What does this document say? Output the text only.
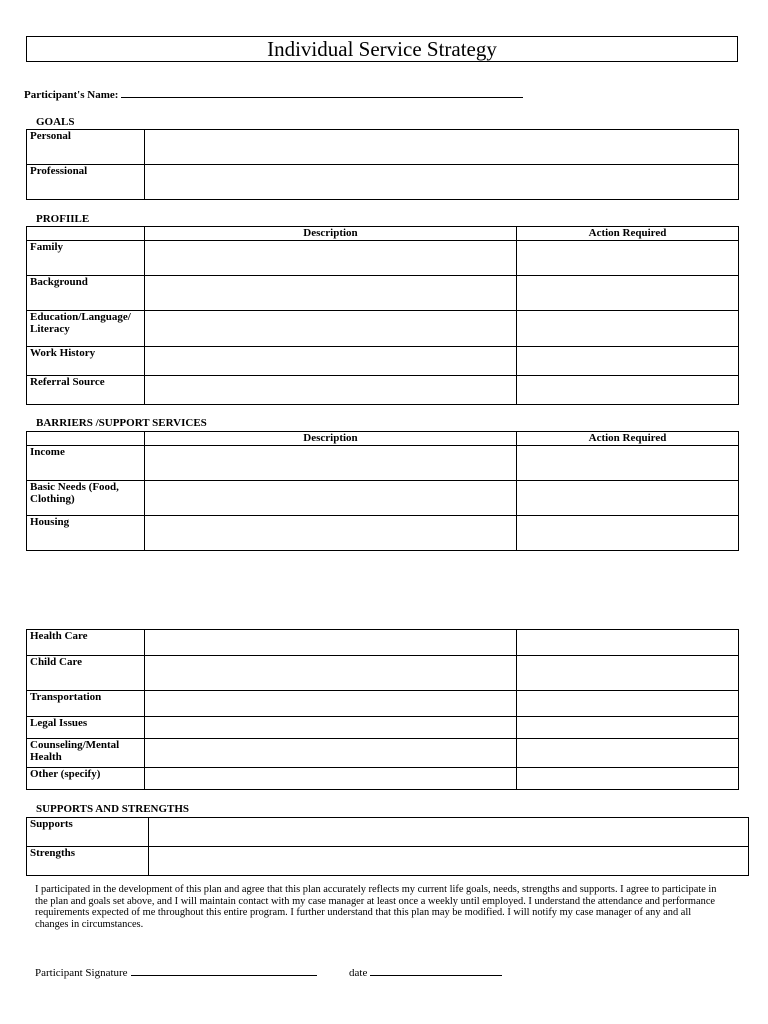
Individual Service Strategy
Participant's Name:
GOALS
Personal	
Professional	
PROFIILE
	Description	Action Required
Family		
Background		
Education/Language/ Literacy		
Work History		
Referral Source		
BARRIERS /SUPPORT SERVICES
	Description	Action Required
Income		
Basic Needs (Food, Clothing)		
Housing		
Health Care		
Child Care		
Transportation		
Legal Issues		
Counseling/Mental Health		
Other (specify)		
SUPPORTS AND STRENGTHS
Supports	
Strengths	
I participated in the development of this plan and agree that this plan accurately reflects my current life goals, needs, strengths and supports. I agree to participate in the plan and goals set above, and I will maintain contact with my case manager at least once a weekly until employed. I understand the attendance and performance requirements expected of me throughout this entire program. I further understand that this plan may be modified. I will notify my case manager of any and all changes in circumstances.
Participant Signature	date
